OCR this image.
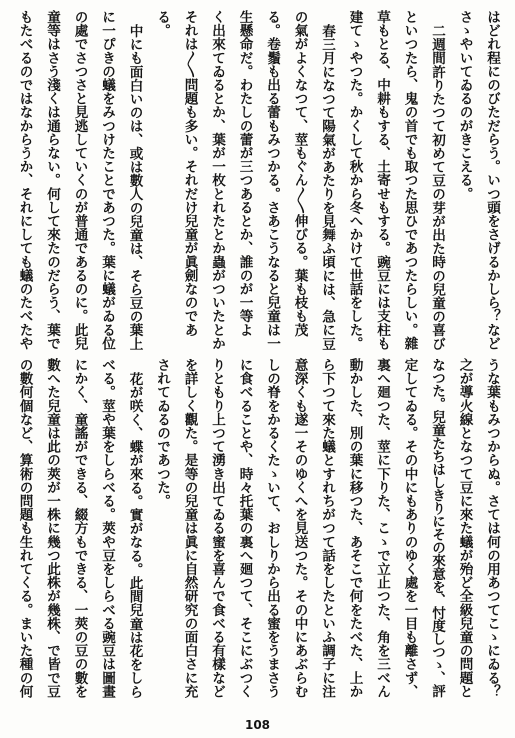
はどれ程にのびただらう。いつ頭をさげるかしら？など
さゝやいてゐるのがきこえる。
二週間許りたつて初めて豆の芽が出た時の兒童の喜び
といつたら、鬼の首でも取つた思ひであつたらしい。雜
草もとる、中耕もする、土寄せもする。豌豆には支柱も
建てゝやつた。かくして秋から冬へかけて世話をした。
春三月になつて陽氣があたりを見舞ふ頃には、急に豆
の氣がよくなつて、莖もぐん〳〵伸びる。葉も枝も茂
る。卷鬚も出る蕾もみつかる。さあこうなると兒童は一
生懸命だ。わたしの蕾が三つあるとか、誰のが一等よ
く出來てゐるとか、葉が一枚とれたとか蟲がついたとか
それは〳〵問題も多い。それだけ兒童が眞劍なのであ
る。
中にも面白いのは、或は數人の兒童は、そら豆の葉上
に一ぴきの蟻をみつけたことであつた。葉に蟻がゐる位
の處でさつさと見逃していくのが普通であるのに。此兒
童等はさう淺くは通らない。何して來たのだらう、葉で
もたべるのではなからうか、それにしても蟻のたべたや
うな葉もみつからぬ。さては何の用あつてこゝにゐる？
之が導火線となつて豆に來た蟻が殆ど全級兒童の問題と
なつた。兒童たちはしきりにその來意を、忖度しつゝ、評
定してゐる。その中にもありのゆく處を一目も離さず、
裏へ廻つた、莖に下りた、こゝで立止つた、角を三べん
動かした、別の葉に移つた、あそこで何をたべた、上か
ら下つて來た蟻とすれちがつて話をしたといふ調子に注
意深くも遂一そのゆくへを見送つた。その中にあぶらむ
しの脊をかるくたゝいて、おしりから出る蜜をうまさう
に食べることや、時々托葉の裏へ廻つて、そこにぶつく
りともり上つて湧き出てゐる蜜を喜んで食べる有樣など
を詳しく觀た。是等の兒童は眞に自然研究の面白さに充
されてゐるのであつた。
花が咲く、蝶が來る。實がなる。此間兒童は花をしら
べる。莖や葉をしらべる。莢や豆をしらべる豌豆は圖畫
にかく、童謠ができる、綴方もできる、一莢の豆の數を
數へた兒童は此の莢が一株に幾つ此株が幾株、で皆で豆
の數何個など、算術の問題も生れてくる。まいた種の何
108
